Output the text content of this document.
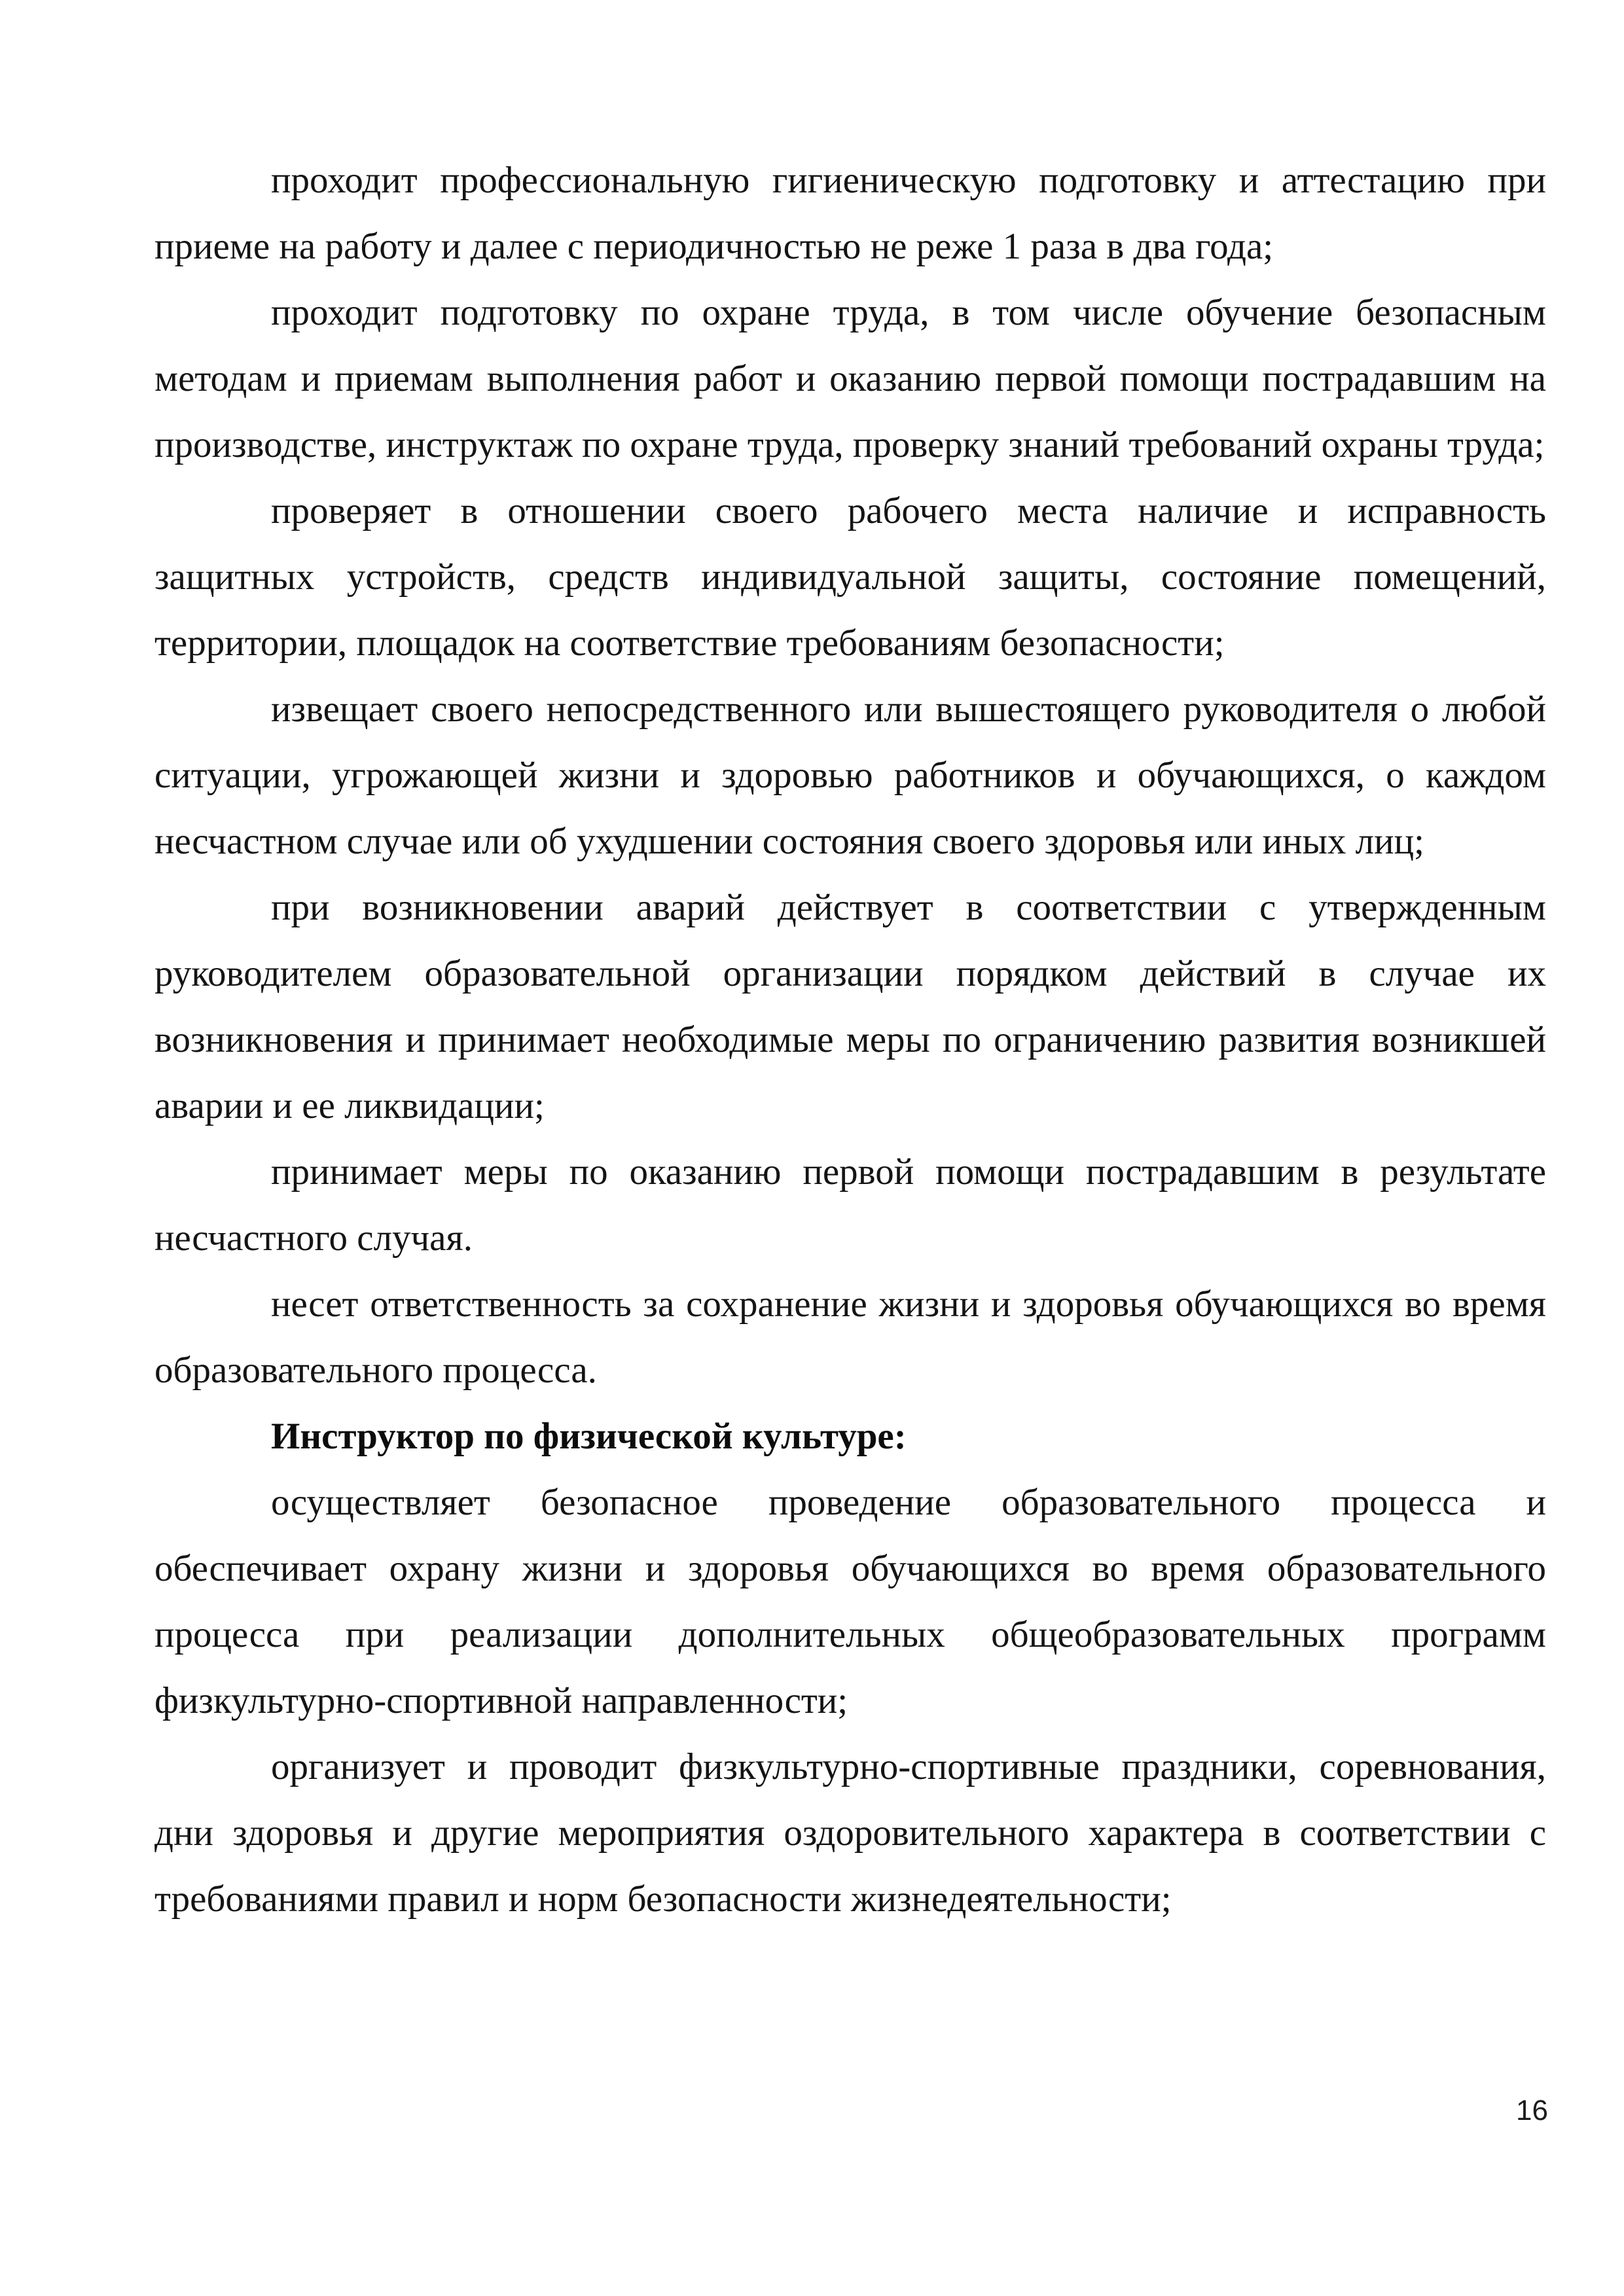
проходит профессиональную гигиеническую подготовку и аттестацию при приеме на работу и далее с периодичностью не реже 1 раза в два года;

проходит подготовку по охране труда, в том числе обучение безопасным методам и приемам выполнения работ и оказанию первой помощи пострадавшим на производстве, инструктаж по охране труда, проверку знаний требований охраны труда;

проверяет в отношении своего рабочего места наличие и исправность защитных устройств, средств индивидуальной защиты, состояние помещений, территории, площадок на соответствие требованиям безопасности;

извещает своего непосредственного или вышестоящего руководителя о любой ситуации, угрожающей жизни и здоровью работников и обучающихся, о каждом несчастном случае или об ухудшении состояния своего здоровья или иных лиц;

при возникновении аварий действует в соответствии с утвержденным руководителем образовательной организации порядком действий в случае их возникновения и принимает необходимые меры по ограничению развития возникшей аварии и ее ликвидации;

принимает меры по оказанию первой помощи пострадавшим в результате несчастного случая.

несет ответственность за сохранение жизни и здоровья обучающихся во время образовательного процесса.

Инструктор по физической культуре:

осуществляет безопасное проведение образовательного процесса и обеспечивает охрану жизни и здоровья обучающихся во время образовательного процесса при реализации дополнительных общеобразовательных программ физкультурно-спортивной направленности;

организует и проводит физкультурно-спортивные праздники, соревнования, дни здоровья и другие мероприятия оздоровительного характера в соответствии с требованиями правил и норм безопасности жизнедеятельности;

16
